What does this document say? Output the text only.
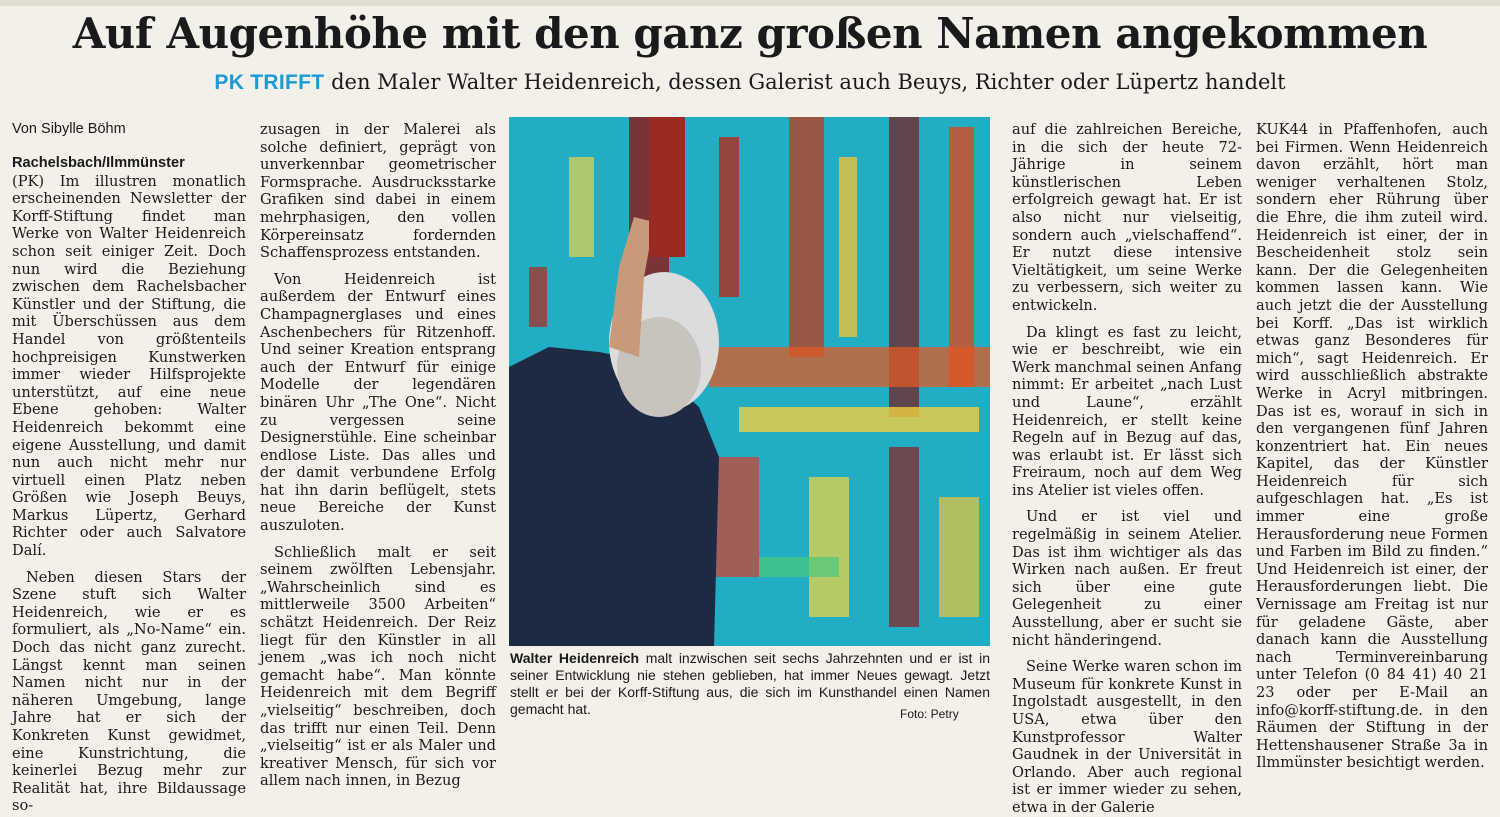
Auf Augenhöhe mit den ganz großen Namen angekommen
PK TRIFFT den Maler Walter Heidenreich, dessen Galerist auch Beuys, Richter oder Lüpertz handelt
Von Sibylle Böhm

Rachelsbach/Ilmmünster

(PK) Im illustren monatlich erscheinenden Newsletter der Korff-Stiftung findet man Werke von Walter Heidenreich schon seit einiger Zeit. Doch nun wird die Beziehung zwischen dem Rachelsbacher Künstler und der Stiftung, die mit Überschüssen aus dem Handel von größtenteils hochpreisigen Kunstwerken immer wieder Hilfsprojekte unterstützt, auf eine neue Ebene gehoben: Walter Heidenreich bekommt eine eigene Ausstellung, und damit nun auch nicht mehr nur virtuell einen Platz neben Größen wie Joseph Beuys, Markus Lüpertz, Gerhard Richter oder auch Salvatore Dalí.

Neben diesen Stars der Szene stuft sich Walter Heidenreich, wie er es formuliert, als „No-Name“ ein. Doch das nicht ganz zurecht. Längst kennt man seinen Namen nicht nur in der näheren Umgebung, lange Jahre hat er sich der Konkreten Kunst gewidmet, eine Kunstrichtung, die keinerlei Bezug mehr zur Realität hat, ihre Bildaussage so-

zusagen in der Malerei als solche definiert, geprägt von unverkennbar geometrischer Formsprache. Ausdrucksstarke Grafiken sind dabei in einem mehrphasigen, den vollen Körpereinsatz fordernden Schaffensprozess entstanden.

Von Heidenreich ist außerdem der Entwurf eines Champagnerglases und eines Aschenbechers für Ritzenhoff. Und seiner Kreation entsprang auch der Entwurf für einige Modelle der legendären binären Uhr „The One“. Nicht zu vergessen seine Designerstühle. Eine scheinbar endlose Liste. Das alles und der damit verbundene Erfolg hat ihn darin beflügelt, stets neue Bereiche der Kunst auszuloten.

Schließlich malt er seit seinem zwölften Lebensjahr. „Wahrscheinlich sind es mittlerweile 3500 Arbeiten“ schätzt Heidenreich. Der Reiz liegt für den Künstler in all jenem „was ich noch nicht gemacht habe“. Man könnte Heidenreich mit dem Begriff „vielseitig“ beschreiben, doch das trifft nur einen Teil. Denn „vielseitig“ ist er als Maler und kreativer Mensch, für sich vor allem nach innen, in Bezug

Walter Heidenreich malt inzwischen seit sechs Jahrzehnten und er ist in seiner Entwicklung nie stehen geblieben, hat immer Neues gewagt. Jetzt stellt er bei der Korff-Stiftung aus, die sich im Kunsthandel einen Namen gemacht hat.	Foto: Petry

auf die zahlreichen Bereiche, in die sich der heute 72-Jährige in seinem künstlerischen Leben erfolgreich gewagt hat. Er ist also nicht nur vielseitig, sondern auch „vielschaffend“. Er nutzt diese intensive Vieltätigkeit, um seine Werke zu verbessern, sich weiter zu entwickeln.

Da klingt es fast zu leicht, wie er beschreibt, wie ein Werk manchmal seinen Anfang nimmt: Er arbeitet „nach Lust und Laune“, erzählt Heidenreich, er stellt keine Regeln auf in Bezug auf das, was erlaubt ist. Er lässt sich Freiraum, noch auf dem Weg ins Atelier ist vieles offen.

Und er ist viel und regelmäßig in seinem Atelier. Das ist ihm wichtiger als das Wirken nach außen. Er freut sich über eine gute Gelegenheit zu einer Ausstellung, aber er sucht sie nicht händeringend.

Seine Werke waren schon im Museum für konkrete Kunst in Ingolstadt ausgestellt, in den USA, etwa über den Kunstprofessor Walter Gaudnek in der Universität in Orlando. Aber auch regional ist er immer wieder zu sehen, etwa in der Galerie

KUK44 in Pfaffenhofen, auch bei Firmen. Wenn Heidenreich davon erzählt, hört man weniger verhaltenen Stolz, sondern eher Rührung über die Ehre, die ihm zuteil wird. Heidenreich ist einer, der in Bescheidenheit stolz sein kann. Der die Gelegenheiten kommen lassen kann. Wie auch jetzt die der Ausstellung bei Korff. „Das ist wirklich etwas ganz Besonderes für mich“, sagt Heidenreich. Er wird ausschließlich abstrakte Werke in Acryl mitbringen. Das ist es, worauf in sich in den vergangenen fünf Jahren konzentriert hat. Ein neues Kapitel, das der Künstler Heidenreich für sich aufgeschlagen hat. „Es ist immer eine große Herausforderung neue Formen und Farben im Bild zu finden.“ Und Heidenreich ist einer, der Herausforderungen liebt. Die Vernissage am Freitag ist nur für geladene Gäste, aber danach kann die Ausstellung nach Terminvereinbarung unter Telefon (0 84 41) 40 21 23 oder per E-Mail an info@korff-stiftung.de. in den Räumen der Stiftung in der Hettenshausener Straße 3a in Ilmmünster besichtigt werden.
